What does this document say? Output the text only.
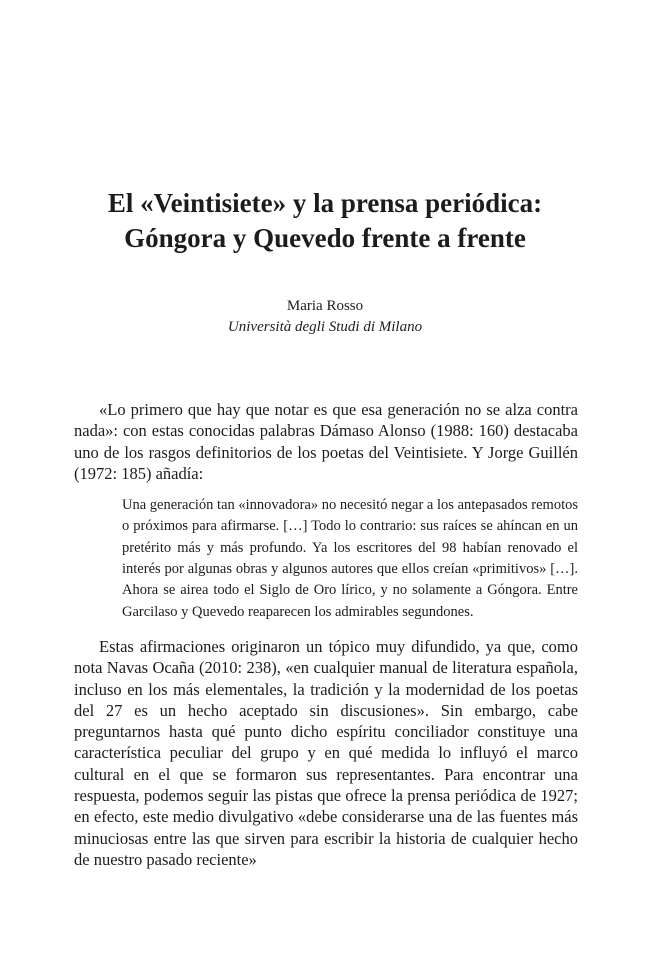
El «Veintisiete» y la prensa periódica:
Góngora y Quevedo frente a frente
Maria Rosso
Università degli Studi di Milano

«Lo primero que hay que notar es que esa generación no se alza contra nada»: con estas conocidas palabras Dámaso Alonso (1988: 160) destacaba uno de los rasgos definitorios de los poetas del Veintisiete. Y Jorge Guillén (1972: 185) añadía:

Una generación tan «innovadora» no necesitó negar a los antepasados remotos o próximos para afirmarse. […] Todo lo contrario: sus raíces se ahíncan en un pretérito más y más profundo. Ya los escritores del 98 habían renovado el interés por algunas obras y algunos autores que ellos creían «primitivos» […]. Ahora se airea todo el Siglo de Oro lírico, y no solamente a Góngora. Entre Garcilaso y Quevedo reaparecen los admirables segundones.

Estas afirmaciones originaron un tópico muy difundido, ya que, como nota Navas Ocaña (2010: 238), «en cualquier manual de literatura española, incluso en los más elementales, la tradición y la modernidad de los poetas del 27 es un hecho aceptado sin discusiones». Sin embargo, cabe preguntarnos hasta qué punto dicho espíritu conciliador constituye una característica peculiar del grupo y en qué medida lo influyó el marco cultural en el que se formaron sus representantes. Para encontrar una respuesta, podemos seguir las pistas que ofrece la prensa periódica de 1927; en efecto, este medio divulgativo «debe considerarse una de las fuentes más minuciosas entre las que sirven para escribir la historia de cualquier hecho de nuestro pasado reciente»
